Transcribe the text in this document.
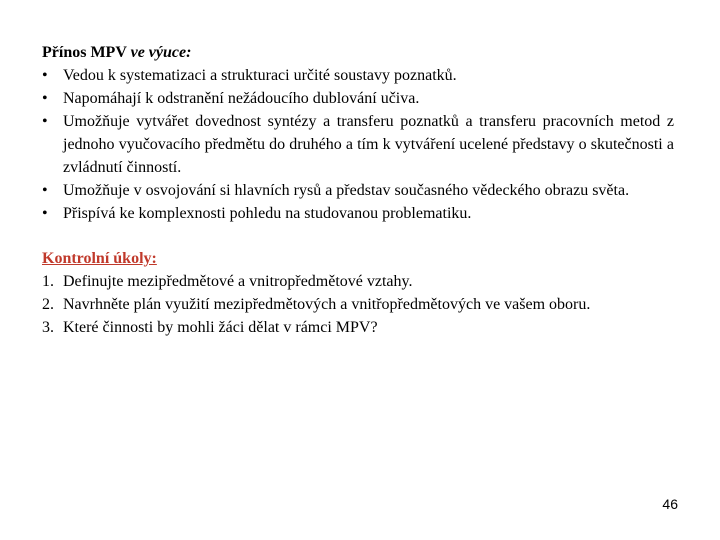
Přínos MPV ve výuce:

• Vedou k systematizaci a strukturaci určité soustavy poznatků.
• Napomáhají k odstranění nežádoucího dublování učiva.
• Umožňuje vytvářet dovednost syntézy a transferu poznatků a transferu pracovních metod z jednoho vyučovacího předmětu do druhého a tím k vytváření ucelené představy o skutečnosti a zvládnutí činností.
• Umožňuje v osvojování si hlavních rysů a představ současného vědeckého obrazu světa.
• Přispívá ke komplexnosti pohledu na studovanou problematiku.

Kontrolní úkoly:

1. Definujte mezipředmětové a vnitropředmětové vztahy.
2. Navrhněte plán využití mezipředmětových a vnitřopředmětových ve vašem oboru.
3. Které činnosti by mohli žáci dělat v rámci MPV?
46
